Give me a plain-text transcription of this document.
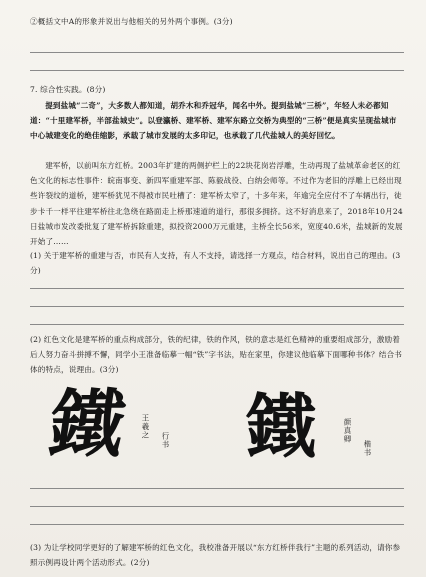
②概括文中A的形象并说出与他相关的另外两个事例。(3分)
7. 综合性实践。(8分)
提到盐城“二奇”，大多数人都知道，胡乔木和乔冠华，闻名中外。提到盐城“三桥”，年轻人未必都知道：“十里建军桥，半部盐城史”。以登瀛桥、建军桥、建军东路立交桥为典型的“三桥”便是真实呈现盐城市中心城建变化的绝佳缩影，承载了城市发展的太多印记，也承载了几代盐城人的美好回忆。
建军桥，以前叫东方红桥。2003年扩建的两侧护栏上的22块花岗岩浮雕，生动再现了盐城革命老区的红色文化的标志性事件：皖南事变、新四军重建军部、陈毅战役、白纳会师等。不过作为老旧的浮雕上已经出现些许裂纹的道桥，建军桥犹见不得被市民吐槽了：建军桥太窄了，十多年来，年逾完全应付不了车辆出行，徒步卡千一样平往建军桥往北急绕在路面走上桥那速道的道行，那很多拥挤。这不好消息来了，2018年10月24日盐城市发改委批复了建军桥拆除重建，拟投资2000万元重建，主桥全长56米，宽度40.6米，盐城新的发展开始了……
(1) 关于建军桥的重建与否，市民有人支持，有人不支持，请选择一方观点，结合材料，说出自己的理由。(3分)
(2) 红色文化是建军桥的重点构成部分，铁的纪律，铁的作风，铁的意志是红色精神的重要组成部分，激励着后人努力奋斗拼搏不懈，同学小王准备临摹一幅“铁”字书法，贴在家里，你建议他临摹下面哪种书体？结合书体的特点，说理由。(3分)
鐵 王羲之
行书 鐵	颜真卿
楷书
(3) 为让学校同学更好的了解建军桥的红色文化，我校准备开展以“东方红桥伴我行”主题的系列活动，请你参照示例再设计两个活动形式。(2分)
